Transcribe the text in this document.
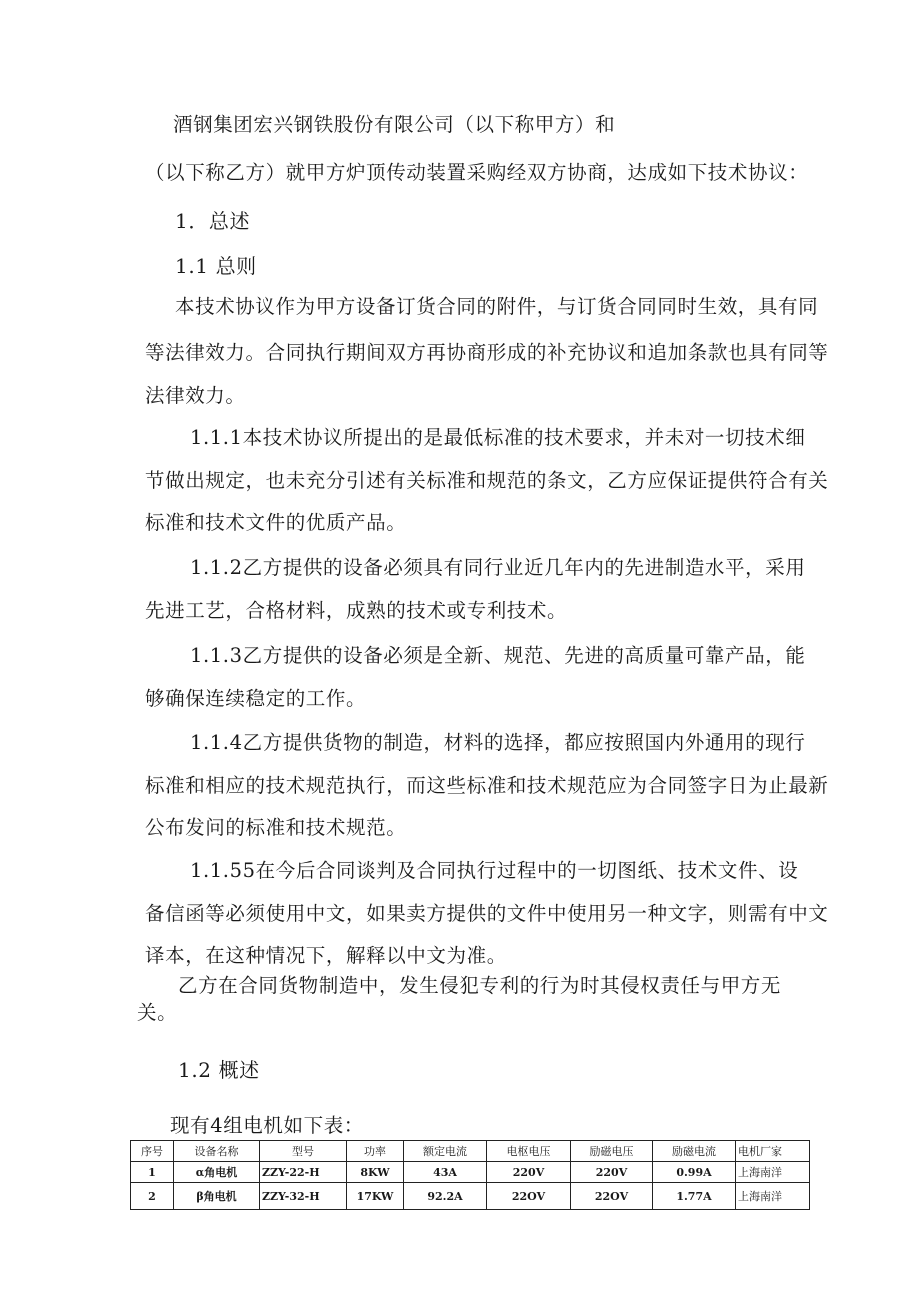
酒钢集团宏兴钢铁股份有限公司（以下称甲方）和
（以下称乙方）就甲方炉顶传动装置采购经双方协商，达成如下技术协议：
1．总述
1.1 总则
本技术协议作为甲方设备订货合同的附件，与订货合同同时生效，具有同
等法律效力。合同执行期间双方再协商形成的补充协议和追加条款也具有同等
法律效力。
1.1.1本技术协议所提出的是最低标准的技术要求，并未对一切技术细
节做出规定，也未充分引述有关标准和规范的条文，乙方应保证提供符合有关
标准和技术文件的优质产品。
1.1.2乙方提供的设备必须具有同行业近几年内的先进制造水平，采用
先进工艺，合格材料，成熟的技术或专利技术。
1.1.3乙方提供的设备必须是全新、规范、先进的高质量可靠产品，能
够确保连续稳定的工作。
1.1.4乙方提供货物的制造，材料的选择，都应按照国内外通用的现行
标准和相应的技术规范执行，而这些标准和技术规范应为合同签字日为止最新
公布发问的标准和技术规范。
1.1.55在今后合同谈判及合同执行过程中的一切图纸、技术文件、设
备信函等必须使用中文，如果卖方提供的文件中使用另一种文字，则需有中文
译本，在这种情况下，解释以中文为准。
乙方在合同货物制造中，发生侵犯专利的行为时其侵权责任与甲方无
关。
1.2 概述
现有4组电机如下表：
序号	设备名称	型号	功率	额定电流	电枢电压	励磁电压	励磁电流	电机厂家
1	α角电机	ZZY-22-H	8KW	43A	220V	220V	0.99A	上海南洋
2	β角电机	ZZY-32-H	17KW	92.2A	22OV	22OV	1.77A	上海南洋
